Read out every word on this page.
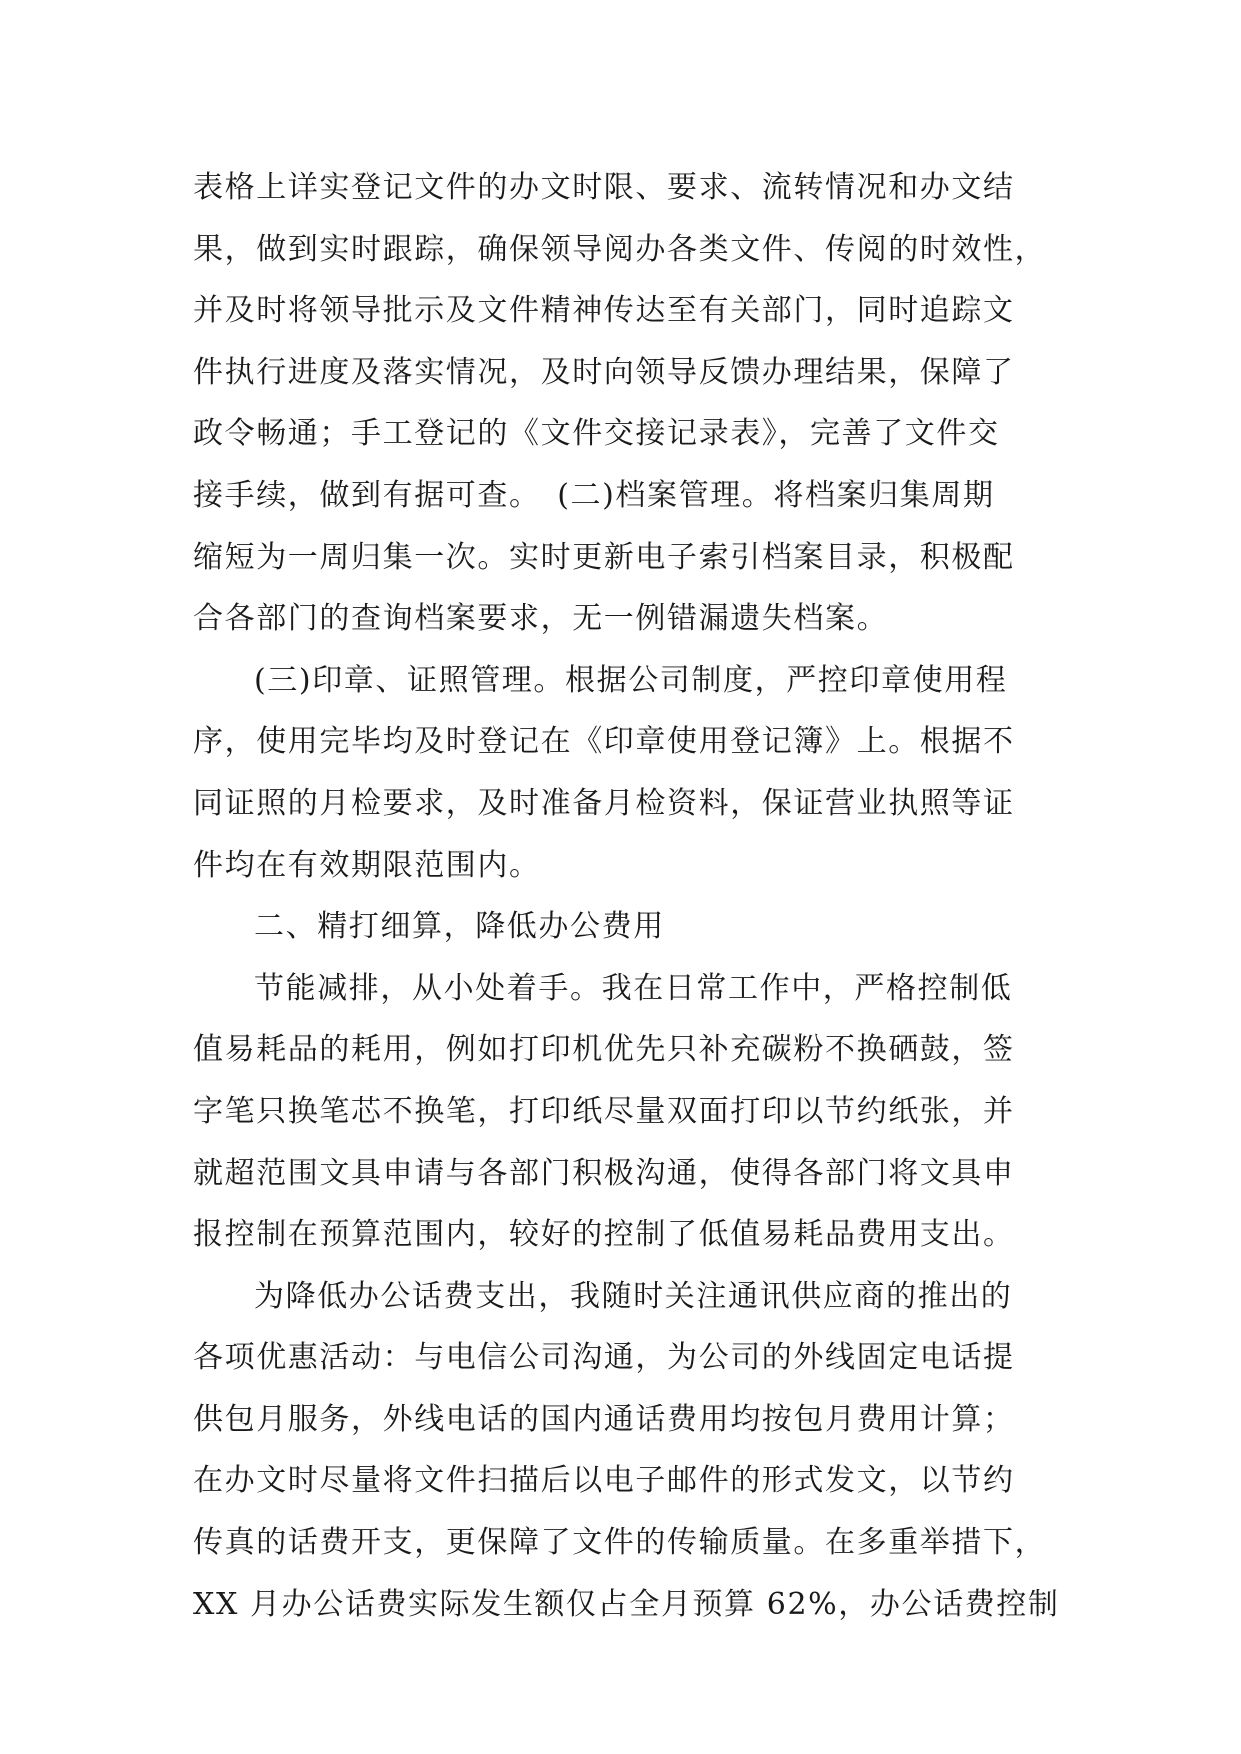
表格上详实登记文件的办文时限、要求、流转情况和办文结
果，做到实时跟踪，确保领导阅办各类文件、传阅的时效性，
并及时将领导批示及文件精神传达至有关部门，同时追踪文
件执行进度及落实情况，及时向领导反馈办理结果，保障了
政令畅通；手工登记的《文件交接记录表》，完善了文件交
接手续，做到有据可查。　(二)档案管理。将档案归集周期
缩短为一周归集一次。实时更新电子索引档案目录，积极配
合各部门的查询档案要求，无一例错漏遗失档案。
(三)印章、证照管理。根据公司制度，严控印章使用程
序，使用完毕均及时登记在《印章使用登记簿》上。根据不
同证照的月检要求，及时准备月检资料，保证营业执照等证
件均在有效期限范围内。
二、精打细算，降低办公费用
节能减排，从小处着手。我在日常工作中，严格控制低
值易耗品的耗用，例如打印机优先只补充碳粉不换硒鼓，签
字笔只换笔芯不换笔，打印纸尽量双面打印以节约纸张，并
就超范围文具申请与各部门积极沟通，使得各部门将文具申
报控制在预算范围内，较好的控制了低值易耗品费用支出。
为降低办公话费支出，我随时关注通讯供应商的推出的
各项优惠活动：与电信公司沟通，为公司的外线固定电话提
供包月服务，外线电话的国内通话费用均按包月费用计算；
在办文时尽量将文件扫描后以电子邮件的形式发文，以节约
传真的话费开支，更保障了文件的传输质量。在多重举措下，
XX 月办公话费实际发生额仅占全月预算 62%，办公话费控制
